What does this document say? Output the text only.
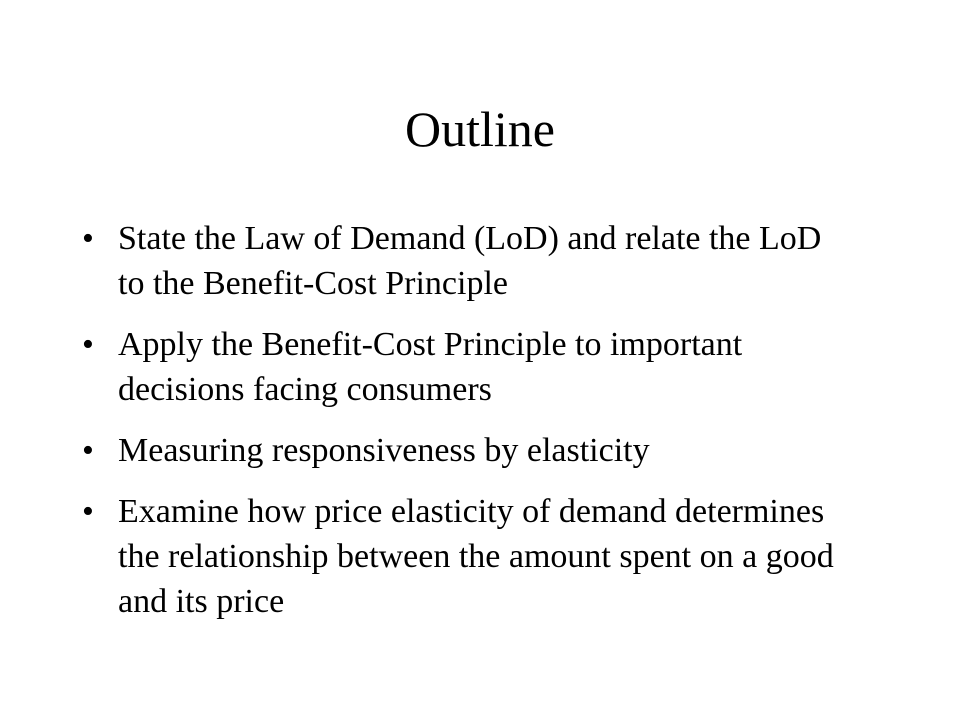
Outline
• State the Law of Demand (LoD) and relate the LoD to the Benefit-Cost Principle
• Apply the Benefit-Cost Principle to important decisions facing consumers
• Measuring responsiveness by elasticity
• Examine how price elasticity of demand determines the relationship between the amount spent on a good and its price
